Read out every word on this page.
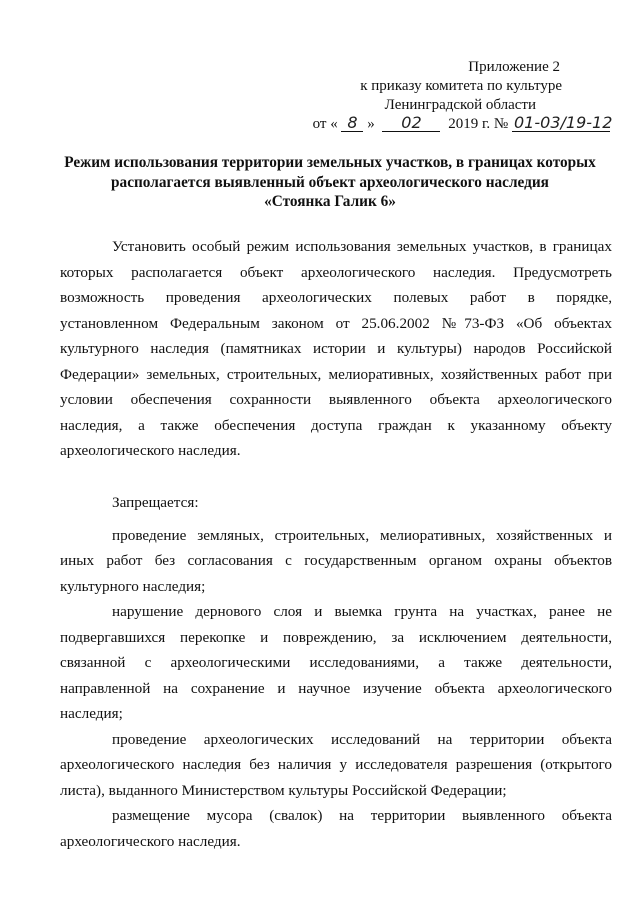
Приложение 2
к приказу комитета по культуре
Ленинградской области
от « 8 » 02 2019 г. № 01-03/19-12
Режим использования территории земельных участков, в границах которых
располагается выявленный объект археологического наследия
«Стоянка Галик 6»
Установить особый режим использования земельных участков, в границах
которых располагается объект археологического наследия. Предусмотреть
возможность проведения археологических полевых работ в порядке,
установленном Федеральным законом от 25.06.2002 №73-ФЗ «Об объектах
культурного наследия (памятниках истории и культуры) народов Российской
Федерации» земельных, строительных, мелиоративных, хозяйственных работ при
условии обеспечения сохранности выявленного объекта археологического
наследия, а также обеспечения доступа граждан к указанному объекту
археологического наследия.
Запрещается:
проведение земляных, строительных, мелиоративных, хозяйственных и
иных работ без согласования с государственным органом охраны объектов
культурного наследия;
нарушение дернового слоя и выемка грунта на участках, ранее не
подвергавшихся перекопке и повреждению, за исключением деятельности,
связанной с археологическими исследованиями, а также деятельности,
направленной на сохранение и научное изучение объекта археологического
наследия;
проведение археологических исследований на территории объекта
археологического наследия без наличия у исследователя разрешения (открытого
листа), выданного Министерством культуры Российской Федерации;
размещение мусора (свалок) на территории выявленного объекта
археологического наследия.
